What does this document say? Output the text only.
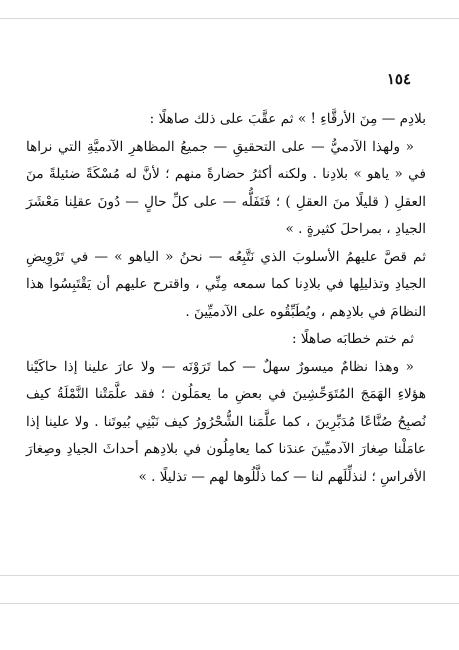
١٥٤

بلادِم — مِنَ الأرقَّاءِ ! » ثم عقَّبَ على ذلك صاهلًا :

« ولهذا الآدميُّ — على التحقيقِ — جميعُ المظاهرِ الآدميَّةِ التي نراها في « ياهو » بلادِنا . ولكنه أكثرُ حضارةً منهم ؛ لأنَّ له مُسْكَةً ضئيلةً منَ العقلِ ( قليلًا منَ العقلِ ) ؛ فَتَفَلُّه — على كلِّ حالٍ — دُونَ عقلِنا مَعْشَرَ الجيادِ ، بمراحلَ كثيرةٍ . »

ثم قصَّ عليهمُ الأسلوبَ الذي نَتَّبِعُه — نحنُ « الياهو » — في تَرْوِيضِ الجيادِ وتذليلِها في بلادِنا كما سمعه مِنِّي ، واقترح عليهم أن يَقْتَبِسُوا هذا النظامَ في بلادِهم ، ويُطَبِّقُوه على الآدميِّينَ .

ثم ختم خطابَه صاهلًا :

« وهذا نظامٌ ميسورٌ سهلٌ — كما تَرَوْنَه — ولا عارَ علينا إذا حاكَيْنا هؤلاءِ الهَمَجَ المُتَوَحِّشِينَ في بعضِ ما يعمَلُون ؛ فقد علَّمَتْنا النَّمْلَةُ كيف نُصبِحُ صُنَّاعًا مُدَبِّرِينَ ، كما علَّمَنا الشُّحْرُورُ كيف نَبْنِي بُيوتَنا . ولا علينا إذا عامَلْنا صِغارَ الآدميِّينَ عندَنا كما يعامِلُون في بلادِهم أحداثَ الجيادِ وصِغارَ الأفراسِ ؛ لنذلِّلَهم لنا — كما ذلَّلُوها لهم — تذليلًا . »
